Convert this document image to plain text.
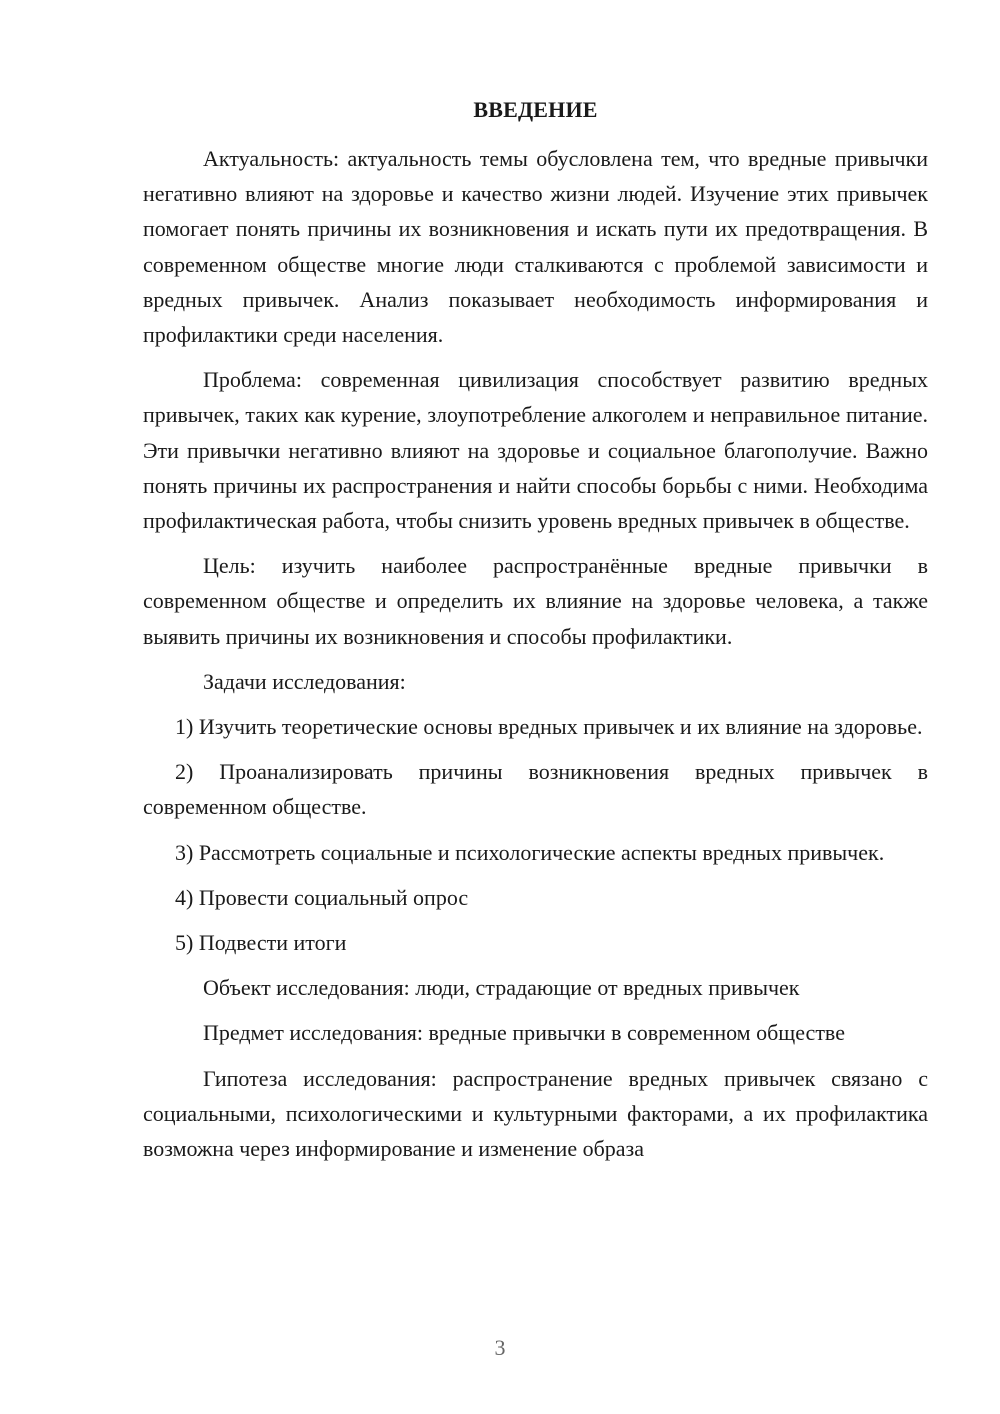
ВВЕДЕНИЕ

Актуальность: актуальность темы обусловлена тем, что вредные привычки негативно влияют на здоровье и качество жизни людей. Изучение этих привычек помогает понять причины их возникновения и искать пути их предотвращения. В современном обществе многие люди сталкиваются с проблемой зависимости и вредных привычек. Анализ показывает необходимость информирования и профилактики среди населения.

Проблема: современная цивилизация способствует развитию вредных привычек, таких как курение, злоупотребление алкоголем и неправильное питание. Эти привычки негативно влияют на здоровье и социальное благополучие. Важно понять причины их распространения и найти способы борьбы с ними. Необходима профилактическая работа, чтобы снизить уровень вредных привычек в обществе.

Цель: изучить наиболее распространённые вредные привычки в современном обществе и определить их влияние на здоровье человека, а также выявить причины их возникновения и способы профилактики.

Задачи исследования:

1) Изучить теоретические основы вредных привычек и их влияние на здоровье.

2) Проанализировать причины возникновения вредных привычек в современном обществе.

3) Рассмотреть социальные и психологические аспекты вредных привычек.

4) Провести социальный опрос

5) Подвести итоги

Объект исследования: люди, страдающие от вредных привычек

Предмет исследования: вредные привычки в современном обществе

Гипотеза исследования: распространение вредных привычек связано с социальными, психологическими и культурными факторами, а их профилактика возможна через информирование и изменение образа

3
